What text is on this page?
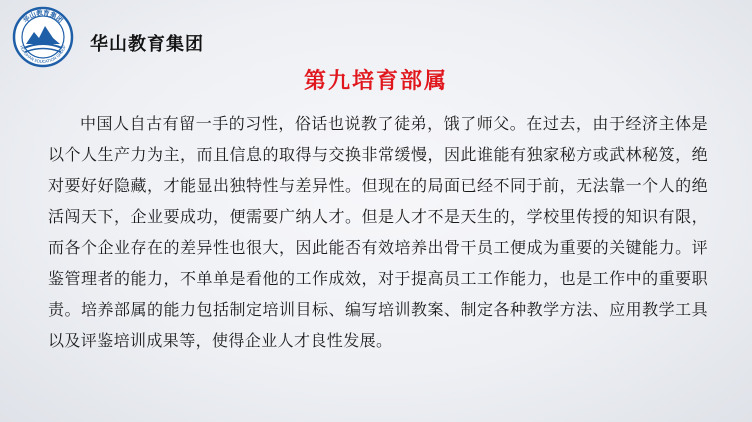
华山教育集团
HUASHAN EDUCATION GROUP 华山教育集团
第九培育部属
中国人自古有留一手的习性，俗话也说教了徒弟，饿了师父。在过去，由于经济主体是以个人生产力为主，而且信息的取得与交换非常缓慢，因此谁能有独家秘方或武林秘笈，绝对要好好隐藏，才能显出独特性与差异性。但现在的局面已经不同于前，无法靠一个人的绝活闯天下，企业要成功，便需要广纳人才。但是人才不是天生的，学校里传授的知识有限，而各个企业存在的差异性也很大，因此能否有效培养出骨干员工便成为重要的关键能力。评鉴管理者的能力，不单单是看他的工作成效，对于提高员工工作能力，也是工作中的重要职责。培养部属的能力包括制定培训目标、编写培训教案、制定各种教学方法、应用教学工具以及评鉴培训成果等，使得企业人才良性发展。
